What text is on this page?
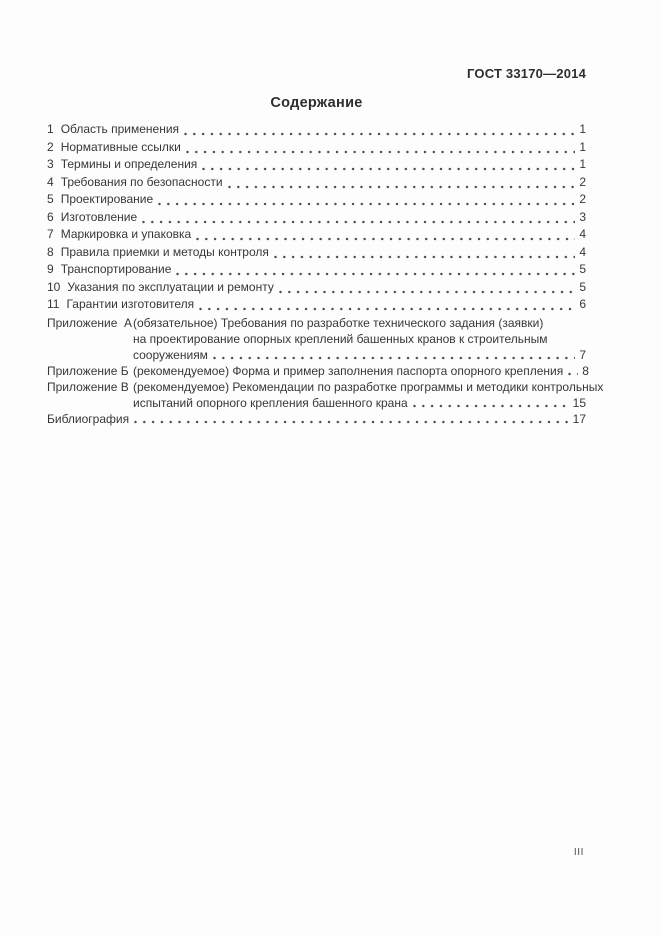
ГОСТ 33170—2014
Содержание
1 Область применения	1
2 Нормативные ссылки	1
3 Термины и определения	1
4 Требования по безопасности	2
5 Проектирование	2
6 Изготовление	3
7 Маркировка и упаковка	4
8 Правила приемки и методы контроля	4
9 Транспортирование	5
10 Указания по эксплуатации и ремонту	5
11 Гарантии изготовителя	6
Приложение  А (обязательное) Требования по разработке технического задания (заявки)
на проектирование опорных креплений башенных кранов к строительным
сооружениям	7
Приложение Б (рекомендуемое) Форма и пример заполнения паспорта опорного крепления 8
Приложение В (рекомендуемое) Рекомендации по разработке программы и методики контрольных
испытаний опорного крепления башенного крана	15
Библиография	17
III
